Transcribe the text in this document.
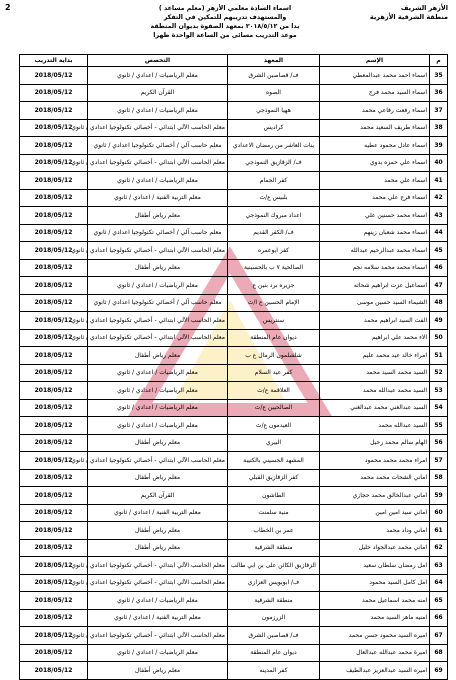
2	الأزهر الشريف
منطقة الشرقية الأزهرية
اسماء السادة معلمي الأزهر (معلم مساعد )
والمستهدف تدريبهم للتمكين في التفكر
بدا من ٢٠١٨/٥/١٢ بمعهد الصفوة بديوان المنطقة
موعد التدريب مسائى من الساعة الواحدة ظهرا
م	الإسم	المعهد	التخصص	بداية التدريب
35	اسماء احمد محمد عبدالمعطي	ف/ قصاصين الشرق	معلم الرياضيات / اعدادي / ثانوي	2018/05/12
36	اسماء السيد محمد فرج	الصوه	القرآن الكريم	2018/05/12
37	اسماء رفعت رفاعي محمد	ههيا النموذجي	معلم الرياضيات / اعدادي / ثانوي	2018/05/12
38	اسماء طريف السعيد محمد	كراديس	معلم الحاسب الآلي ابتدائي - أخصائي تكنولوجيا اعدادي / ثانوي	2018/05/12
39	اسماء عادل محمود عطيه	بنات العاشر من رمضان الاعدادي	معلم حاسب آلي / أخصائي تكنولوجيا اعدادي / ثانوي	2018/05/12
40	اسماء علي حمزه بدوي	ف/ الزقازيق النموذجي	معلم الحاسب الآلي ابتدائي - أخصائي تكنولوجيا اعدادي / ثانوي	2018/05/12
41	اسماء علي محمد	كفر الحمام	معلم الرياضيات / اعدادي / ثانوي	2018/05/12
42	اسماء فرج علي محمد	بلبيس ع/ث	معلم التربية الفنية / اعدادي / ثانوي	2018/05/12
43	اسماء محمد حسنين علي	اعداد مبروك النموذجي	معلم رياض أطفال	2018/05/12
44	اسماء محمد شعبان زينهم	ف/ الكفر القديم	معلم حاسب آلي / أخصائي تكنولوجيا اعدادي / ثانوي	2018/05/12
45	اسماء محمد عبدالرحيم عبدالله	كفر ابوعمره	معلم الحاسب الآلي ابتدائي - أخصائي تكنولوجيا اعدادي / ثانوي	2018/05/12
46	اسماء محمد محمد سلامه نجم	الصالحية ٧ ب بالحسينية	معلم رياض أطفال	2018/05/12
47	اسماعيل عزت ابراهيم شحاته	جزيره برد بنين ع	معلم الرياضيات / اعدادي / ثانوي	2018/05/12
48	الشيماء السيد حسين موسى	الإمام الحسين ع ا/ث	معلم حاسب آلي / أخصائي تكنولوجيا اعدادي / ثانوي	2018/05/12
49	الفت السيد ابراهيم محمد	سنتريس	معلم الحاسب الآلي ابتدائي - أخصائي تكنولوجيا اعدادي / ثانوي	2018/05/12
50	الاء محمد علي ابراهيم	ديوان عام المنطقة	معلم الحاسب الآلي ابتدائي - أخصائي تكنولوجيا اعدادي / ثانوي	2018/05/12
51	امراء خالد عيد محمد عليم	شلشلمون الرمال ع ب	معلم رياض أطفال	2018/05/12
52	السيد محمد السيد محمد	كفر عيد السلام	معلم الرياضيات / اعدادي / ثانوي	2018/05/12
53	السيد محمد عبدالله محمد	العلاقمة ع/ث	معلم الرياضيات / اعدادي / ثانوي	2018/05/12
54	السيد عبدالغني محمد عبدالغني	الصالحيين ع/ث	معلم الرياضيات / اعدادي / ثانوي	2018/05/12
55	السيد عبدالله محمد	العيدمون ع/ث	معلم الرياضيات / اعدادي / ثانوي	2018/05/12
56	الهام سالم محمد رحيل	البيري	معلم رياض أطفال	2018/05/12
57	امراء محمد محمد محمود	المشهد الحسيني بالكتيبة	معلم الحاسب الآلي ابتدائي - أخصائي تكنولوجيا اعدادي / ثانوي	2018/05/12
58	اماني الشحات محمد محمد	كفر الزقازيق القبلي	معلم رياض أطفال	2018/05/12
59	اماني عبدالخالق محمد حجازي	الطاشون	القرآن الكريم	2018/05/12
60	اماني سيد امين امين	منية سلمنت	معلم التربية الفنية / اعدادي / ثانوي	2018/05/12
61	اماني وداد محمد	عمر بن الخطاب	معلم رياض أطفال	2018/05/12
62	اماني محمد عبدالجواد خليل	منطقة الشرقية	معلم رياض أطفال	2018/05/12
63	امل رمضان سلطان سعيد	الزقازيق الكائن على بن ابي طالب	معلم الحاسب الآلي ابتدائي - أخصائي تكنولوجيا اعدادي / ثانوي	2018/05/12
64	امل كامل السيد محمود	ف/ ابوبويس العزازي	معلم الحاسب الآلي ابتدائي - أخصائي تكنولوجيا اعدادي / ثانوي	2018/05/12
65	امنه محمد اسماعيل محمد	منطقة الشرقية	معلم الرياضيات / اعدادي / ثانوي	2018/05/12
66	امنيه ماهر السيد محمد	الزرزمون	معلم التربية الفنية / اعدادي / ثانوي	2018/05/12
67	اميره السيد محمود حسن محمد	ف/ قصاصين الشرق	معلم الحاسب الآلي ابتدائي - أخصائي تكنولوجيا اعدادي / ثانوي	2018/05/12
68	اميرة محمد عبدالله عبدالعال	ديوان عام المنطقة	معلم الرياضيات / اعدادي / ثانوي	2018/05/12
69	اميره السيد عبدالعزيز عبدالطيف	كفر المدينه	معلم رياض أطفال	2018/05/12
